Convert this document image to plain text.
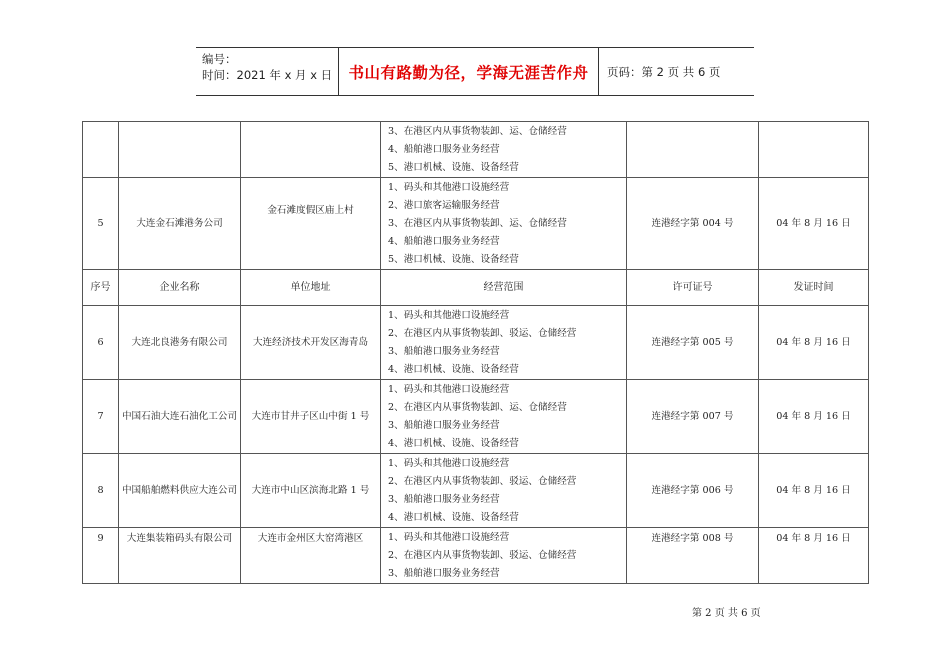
编号：
时间：2021 年 x 月 x 日	书山有路勤为径，学海无涯苦作舟	页码：第 2 页 共 6 页

			3、在港区内从事货物装卸、运、仓储经营
4、船舶港口服务业务经营
5、港口机械、设施、设备经营		

5	大连金石滩港务公司	金石滩度假区庙上村	1、码头和其他港口设施经营
2、港口旅客运输服务经营
3、在港区内从事货物装卸、运、仓储经营
4、船舶港口服务业务经营
5、港口机械、设施、设备经营	连港经字第 004 号	04 年 8 月 16 日
序号	企业名称	单位地址	经营范围	许可证号	发证时间
6	大连北良港务有限公司	大连经济技术开发区海青岛	1、码头和其他港口设施经营
2、在港区内从事货物装卸、驳运、仓储经营
3、船舶港口服务业务经营
4、港口机械、设施、设备经营	连港经字第 005 号	04 年 8 月 16 日
7	中国石油大连石油化工公司	大连市甘井子区山中街 1 号	1、码头和其他港口设施经营
2、在港区内从事货物装卸、运、仓储经营
3、船舶港口服务业务经营
4、港口机械、设施、设备经营	连港经字第 007 号	04 年 8 月 16 日
8	中国船舶燃料供应大连公司	大连市中山区滨海北路 1 号	1、码头和其他港口设施经营
2、在港区内从事货物装卸、驳运、仓储经营
3、船舶港口服务业务经营
4、港口机械、设施、设备经营	连港经字第 006 号	04 年 8 月 16 日
9	大连集装箱码头有限公司	大连市金州区大窑湾港区	1、码头和其他港口设施经营
2、在港区内从事货物装卸、驳运、仓储经营
3、船舶港口服务业务经营	连港经字第 008 号	04 年 8 月 16 日
第 2 页 共 6 页
